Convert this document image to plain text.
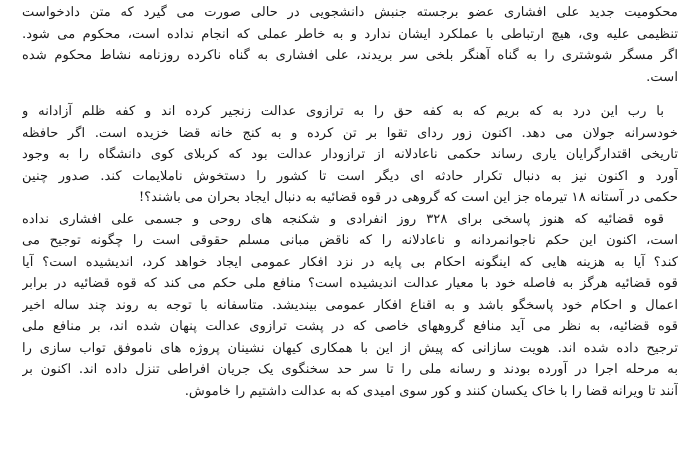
محکومیت جدید علی افشاری عضو برجسته جنبش دانشجویی در حالی صورت می گیرد که متن دادخواست
تنظیمی علیه وی، هیچ ارتباطی با عملکرد ایشان ندارد و به خاطر عملی که انجام نداده است، محکوم می شود.
اگر مسگر شوشتری را به گناه آهنگر بلخی سر بریدند، علی افشاری به گناه ناکرده روزنامه نشاط محکوم شده
است.
با رب این درد به که بریم که به کفه حق را به ترازوی عدالت زنجیر کرده اند و کفه ظلم آزادانه و
خودسرانه جولان می دهد. اکنون زور ردای تقوا بر تن کرده و به کنج خانه قضا خزیده است. اگر حافظه
تاریخی اقتدارگرایان یاری رساند حکمی ناعادلانه از ترازودار عدالت بود که کربلای کوی دانشگاه را به وجود
آورد و اکنون نیز به دنبال تکرار حادثه ای دیگر است تا کشور را دستخوش ناملایمات کند. صدور چنین
حکمی در آستانه ۱۸ تیرماه جز این است که گروهی در قوه قضائیه به دنبال ایجاد بحران می باشند؟!
قوه قضائیه که هنوز پاسخی برای ۳۲۸ روز انفرادی و شکنجه های روحی و جسمی علی افشاری نداده
است، اکنون این حکم ناجوانمردانه و ناعادلانه را که ناقض مبانی مسلم حقوقی است را چگونه توجیح می
کند؟ آیا به هزینه هایی که اینگونه احکام بی پایه در نزد افکار عمومی ایجاد خواهد کرد، اندیشیده است؟ آیا
قوه قضائیه هرگز به فاصله خود با معیار عدالت اندیشیده است؟ منافع ملی حکم می کند که قوه قضائیه در برابر
اعمال و احکام خود پاسخگو باشد و به اقناع افکار عمومی بیندیشد. متاسفانه با توجه به روند چند ساله اخیر
قوه قضائیه، به نظر می آید منافع گروههای خاصی که در پشت ترازوی عدالت پنهان شده اند، بر منافع ملی
ترجیح داده شده اند. هویت سازانی که پیش از این با همکاری کیهان نشینان پروژه های ناموفق تواب سازی را
به مرحله اجرا در آورده بودند و رسانه ملی را تا سر حد سخنگوی یک جریان افراطی تنزل داده اند. اکنون بر
آنند تا ویرانه قضا را با خاک یکسان کنند و کور سوی امیدی که به عدالت داشتیم را خاموش.
